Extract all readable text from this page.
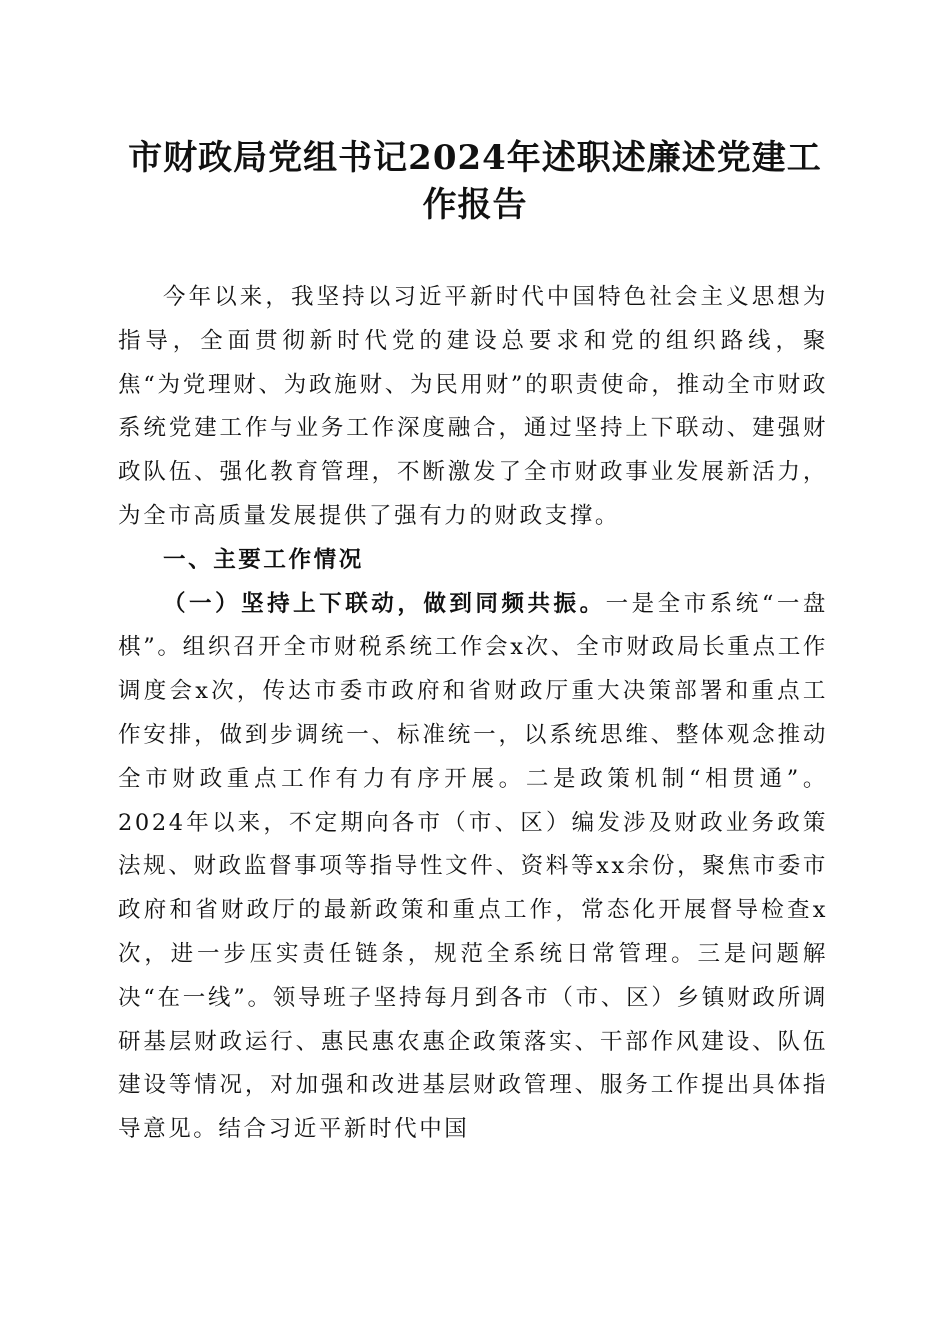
市财政局党组书记2024年述职述廉述党建工作报告

今年以来，我坚持以习近平新时代中国特色社会主义思想为指导，全面贯彻新时代党的建设总要求和党的组织路线，聚焦“为党理财、为政施财、为民用财”的职责使命，推动全市财政系统党建工作与业务工作深度融合，通过坚持上下联动、建强财政队伍、强化教育管理，不断激发了全市财政事业发展新活力，为全市高质量发展提供了强有力的财政支撑。

一、主要工作情况

（一）坚持上下联动，做到同频共振。一是全市系统“一盘棋”。组织召开全市财税系统工作会x次、全市财政局长重点工作调度会x次，传达市委市政府和省财政厅重大决策部署和重点工作安排，做到步调统一、标准统一，以系统思维、整体观念推动全市财政重点工作有力有序开展。二是政策机制“相贯通”。2024年以来，不定期向各市（市、区）编发涉及财政业务政策法规、财政监督事项等指导性文件、资料等xx余份，聚焦市委市政府和省财政厅的最新政策和重点工作，常态化开展督导检查x次，进一步压实责任链条，规范全系统日常管理。三是问题解决“在一线”。领导班子坚持每月到各市（市、区）乡镇财政所调研基层财政运行、惠民惠农惠企政策落实、干部作风建设、队伍建设等情况，对加强和改进基层财政管理、服务工作提出具体指导意见。结合习近平新时代中国
